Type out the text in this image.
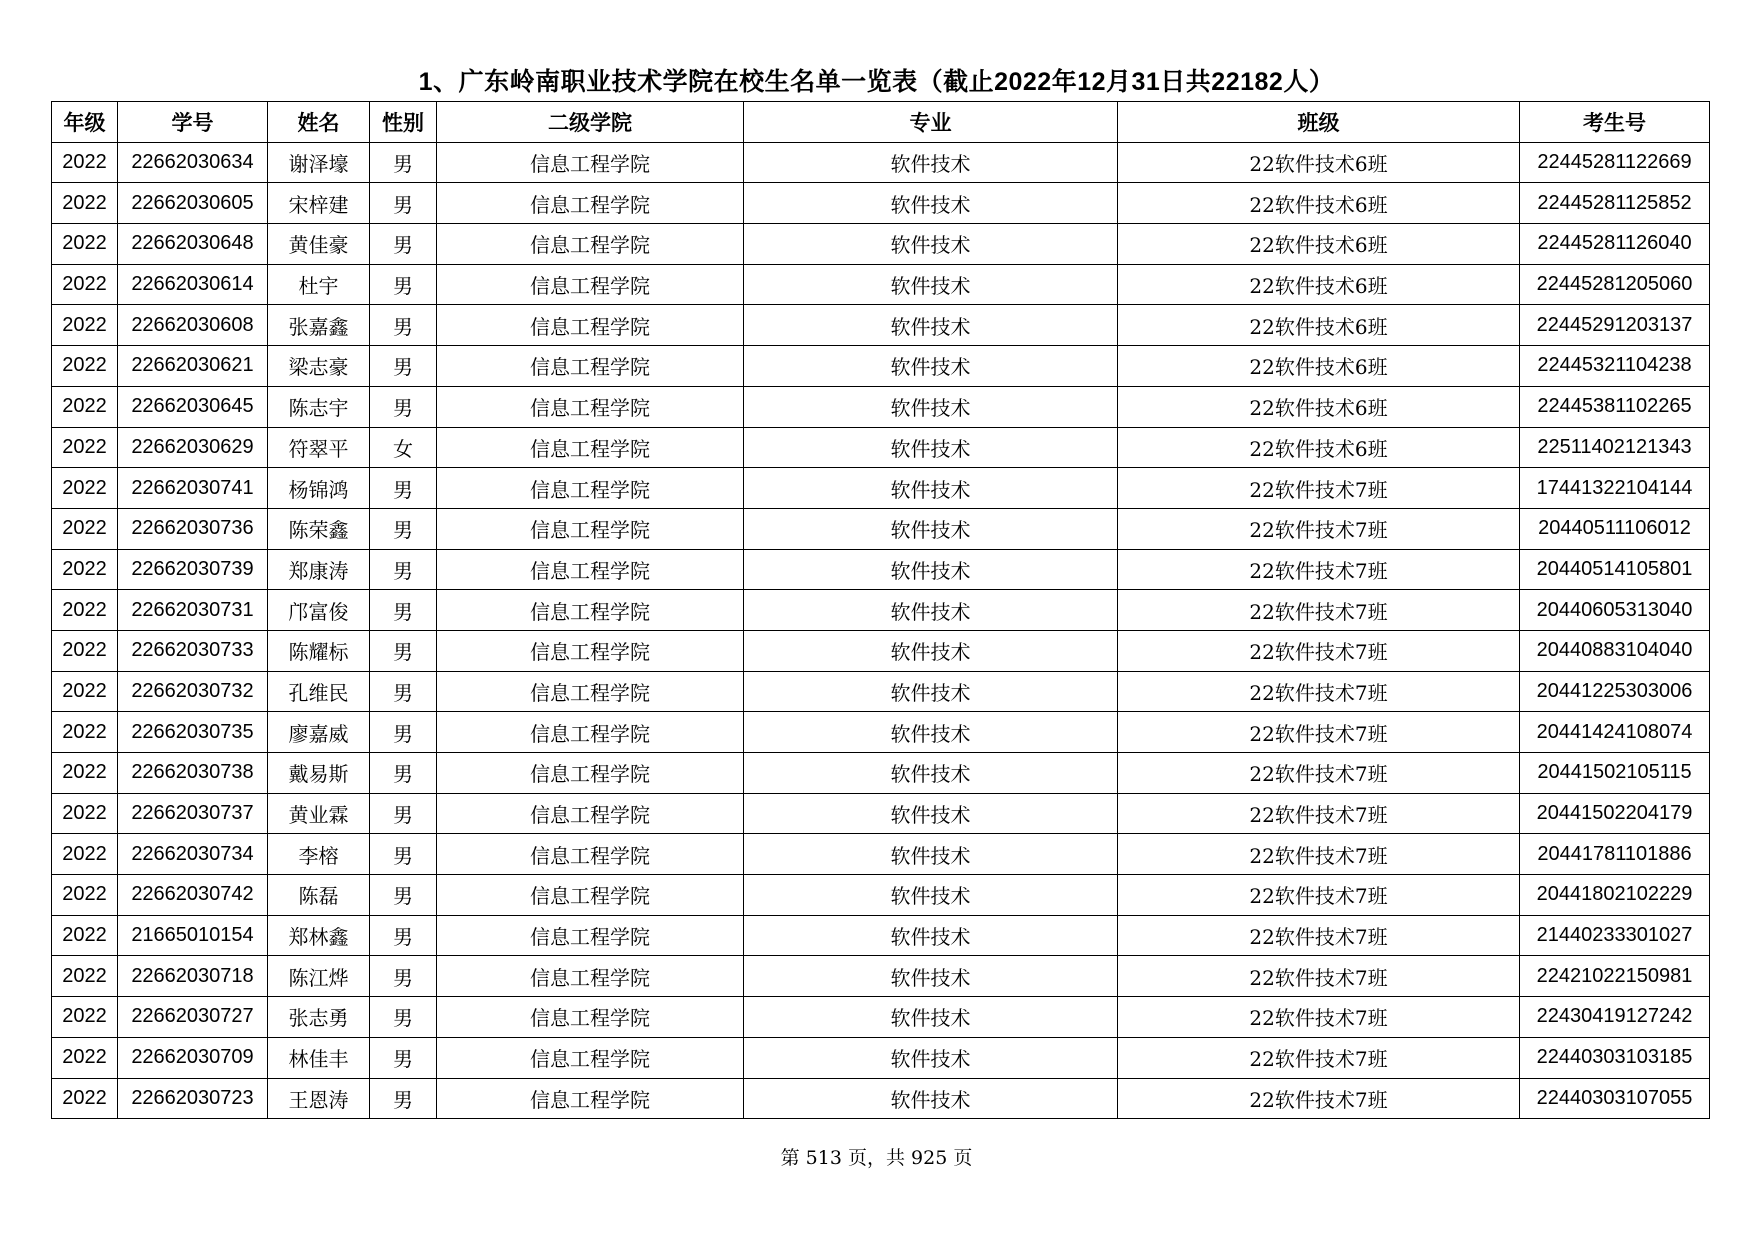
1、广东岭南职业技术学院在校生名单一览表（截止2022年12月31日共22182人）
年级	学号	姓名	性别	二级学院	专业	班级	考生号
2022	22662030634	谢泽壕	男	信息工程学院	软件技术	22软件技术6班	22445281122669
2022	22662030605	宋梓建	男	信息工程学院	软件技术	22软件技术6班	22445281125852
2022	22662030648	黄佳豪	男	信息工程学院	软件技术	22软件技术6班	22445281126040
2022	22662030614	杜宇	男	信息工程学院	软件技术	22软件技术6班	22445281205060
2022	22662030608	张嘉鑫	男	信息工程学院	软件技术	22软件技术6班	22445291203137
2022	22662030621	梁志豪	男	信息工程学院	软件技术	22软件技术6班	22445321104238
2022	22662030645	陈志宇	男	信息工程学院	软件技术	22软件技术6班	22445381102265
2022	22662030629	符翠平	女	信息工程学院	软件技术	22软件技术6班	22511402121343
2022	22662030741	杨锦鸿	男	信息工程学院	软件技术	22软件技术7班	17441322104144
2022	22662030736	陈荣鑫	男	信息工程学院	软件技术	22软件技术7班	20440511106012
2022	22662030739	郑康涛	男	信息工程学院	软件技术	22软件技术7班	20440514105801
2022	22662030731	邝富俊	男	信息工程学院	软件技术	22软件技术7班	20440605313040
2022	22662030733	陈耀标	男	信息工程学院	软件技术	22软件技术7班	20440883104040
2022	22662030732	孔维民	男	信息工程学院	软件技术	22软件技术7班	20441225303006
2022	22662030735	廖嘉威	男	信息工程学院	软件技术	22软件技术7班	20441424108074
2022	22662030738	戴易斯	男	信息工程学院	软件技术	22软件技术7班	20441502105115
2022	22662030737	黄业霖	男	信息工程学院	软件技术	22软件技术7班	20441502204179
2022	22662030734	李榕	男	信息工程学院	软件技术	22软件技术7班	20441781101886
2022	22662030742	陈磊	男	信息工程学院	软件技术	22软件技术7班	20441802102229
2022	21665010154	郑林鑫	男	信息工程学院	软件技术	22软件技术7班	21440233301027
2022	22662030718	陈江烨	男	信息工程学院	软件技术	22软件技术7班	22421022150981
2022	22662030727	张志勇	男	信息工程学院	软件技术	22软件技术7班	22430419127242
2022	22662030709	林佳丰	男	信息工程学院	软件技术	22软件技术7班	22440303103185
2022	22662030723	王恩涛	男	信息工程学院	软件技术	22软件技术7班	22440303107055
第 513 页，共 925 页
